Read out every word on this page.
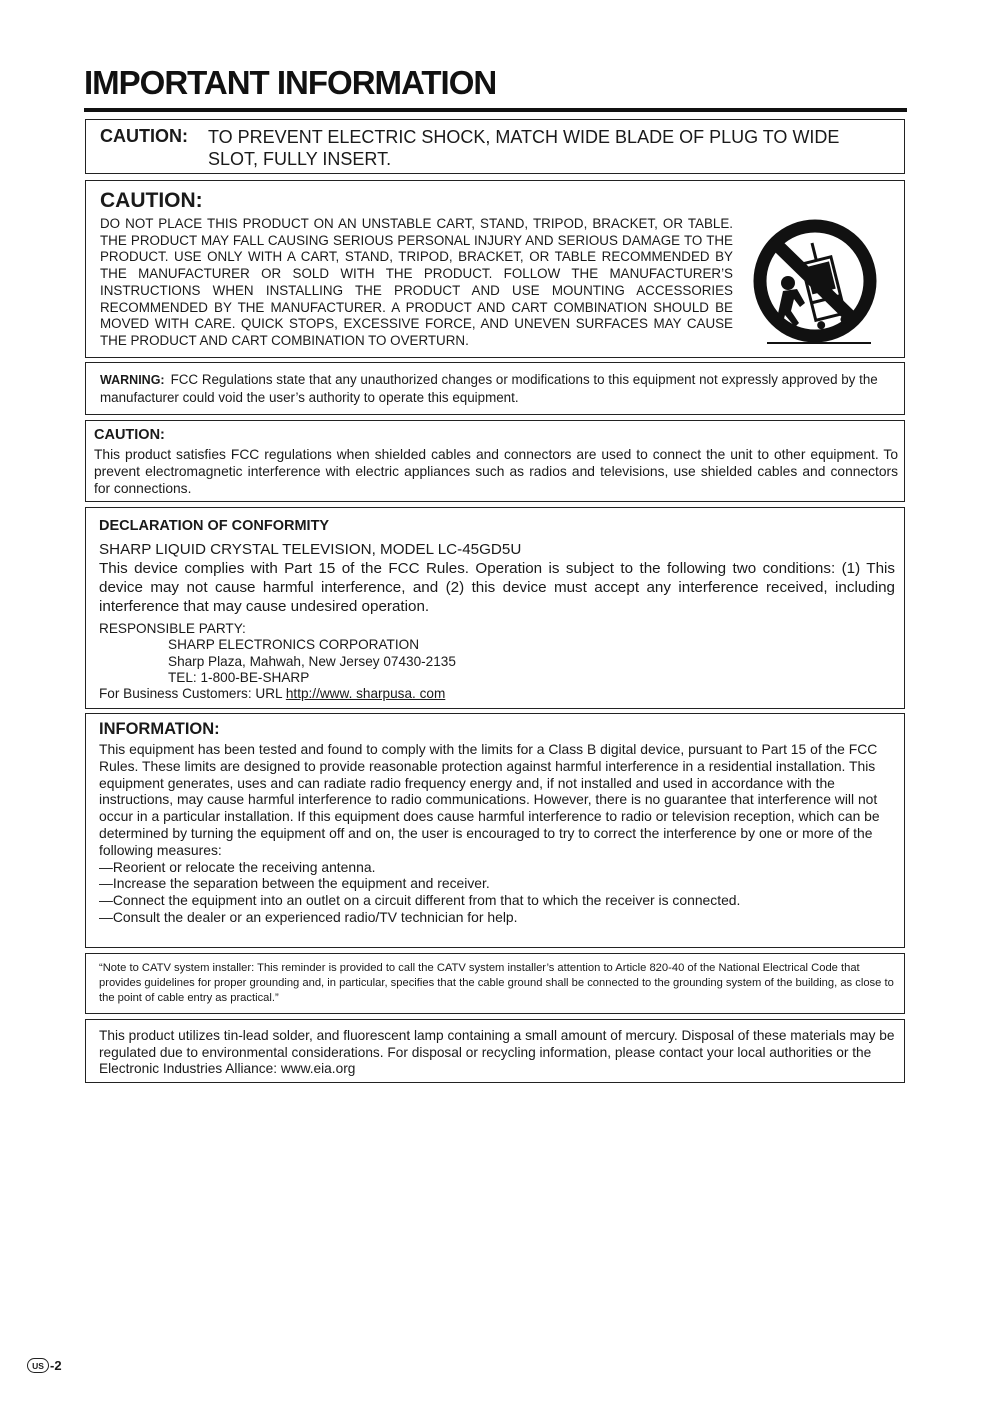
IMPORTANT INFORMATION
CAUTION: TO PREVENT ELECTRIC SHOCK, MATCH WIDE BLADE OF PLUG TO WIDE SLOT, FULLY INSERT.
CAUTION:
DO NOT PLACE THIS PRODUCT ON AN UNSTABLE CART, STAND, TRIPOD, BRACKET, OR TABLE. THE PRODUCT MAY FALL CAUSING SERIOUS PERSONAL INJURY AND SERIOUS DAMAGE TO THE PRODUCT. USE ONLY WITH A CART, STAND, TRIPOD, BRACKET, OR TABLE RECOMMENDED BY THE MANUFACTURER OR SOLD WITH THE PRODUCT. FOLLOW THE MANUFACTURER’S INSTRUCTIONS WHEN INSTALLING THE PRODUCT AND USE MOUNTING ACCESSORIES RECOMMENDED BY THE MANUFACTURER. A PRODUCT AND CART COMBINATION SHOULD BE MOVED WITH CARE. QUICK STOPS, EXCESSIVE FORCE, AND UNEVEN SURFACES MAY CAUSE THE PRODUCT AND CART COMBINATION TO OVERTURN.
WARNING: FCC Regulations state that any unauthorized changes or modifications to this equipment not expressly approved by the manufacturer could void the user’s authority to operate this equipment.
CAUTION:
This product satisfies FCC regulations when shielded cables and connectors are used to connect the unit to other equipment. To prevent electromagnetic interference with electric appliances such as radios and televisions, use shielded cables and connectors for connections.
DECLARATION OF CONFORMITY
SHARP LIQUID CRYSTAL TELEVISION, MODEL LC-45GD5U
This device complies with Part 15 of the FCC Rules. Operation is subject to the following two conditions: (1) This device may not cause harmful interference, and (2) this device must accept any interference received, including interference that may cause undesired operation.
RESPONSIBLE PARTY:
SHARP ELECTRONICS CORPORATION
Sharp Plaza, Mahwah, New Jersey 07430-2135
TEL: 1-800-BE-SHARP
For Business Customers: URL http://www. sharpusa. com
INFORMATION:

This equipment has been tested and found to comply with the limits for a Class B digital device, pursuant to Part 15 of the FCC Rules. These limits are designed to provide reasonable protection against harmful interference in a residential installation. This equipment generates, uses and can radiate radio frequency energy and, if not installed and used in accordance with the instructions, may cause harmful interference to radio communications. However, there is no guarantee that interference will not occur in a particular installation. If this equipment does cause harmful interference to radio or television reception, which can be determined by turning the equipment off and on, the user is encouraged to try to correct the interference by one or more of the following measures:

—Reorient or relocate the receiving antenna.
—Increase the separation between the equipment and receiver.
—Connect the equipment into an outlet on a circuit different from that to which the receiver is connected.
—Consult the dealer or an experienced radio/TV technician for help.
“Note to CATV system installer: This reminder is provided to call the CATV system installer’s attention to Article 820-40 of the National Electrical Code that provides guidelines for proper grounding and, in particular, specifies that the cable ground shall be connected to the grounding system of the building, as close to the point of cable entry as practical.”
This product utilizes tin-lead solder, and fluorescent lamp containing a small amount of mercury. Disposal of these materials may be regulated due to environmental considerations. For disposal or recycling information, please contact your local authorities or the Electronic Industries Alliance: www.eia.org
US -2
